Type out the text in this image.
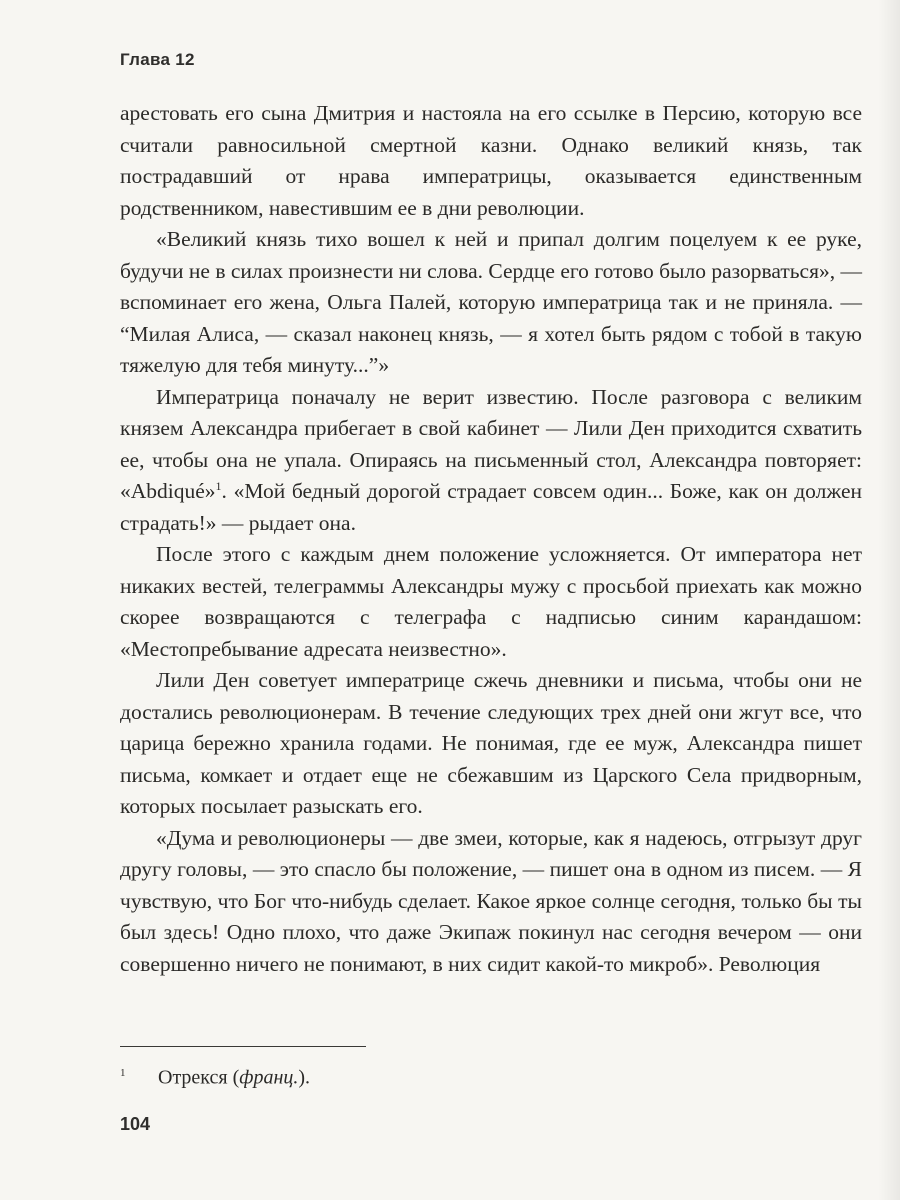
Глава 12

арестовать его сына Дмитрия и настояла на его ссылке в Персию, которую все считали равносильной смертной казни. Однако великий князь, так пострадавший от нрава императрицы, оказывается единственным родственником, навестившим ее в дни революции.

«Великий князь тихо вошел к ней и припал долгим поцелуем к ее руке, будучи не в силах произнести ни слова. Сердце его готово было разорваться», — вспоминает его жена, Ольга Палей, которую императрица так и не приняла. — “Милая Алиса, — сказал наконец князь, — я хотел быть рядом с тобой в такую тяжелую для тебя минуту...”»

Императрица поначалу не верит известию. После разговора с великим князем Александра прибегает в свой кабинет — Лили Ден приходится схватить ее, чтобы она не упала. Опираясь на письменный стол, Александра повторяет: «Abdiqué»$^1$. «Мой бедный дорогой страдает совсем один... Боже, как он должен страдать!» — рыдает она.

После этого с каждым днем положение усложняется. От императора нет никаких вестей, телеграммы Александры мужу с просьбой приехать как можно скорее возвращаются с телеграфа с надписью синим карандашом: «Местопребывание адресата неизвестно».

Лили Ден советует императрице сжечь дневники и письма, чтобы они не достались революционерам. В течение следующих трех дней они жгут все, что царица бережно хранила годами. Не понимая, где ее муж, Александра пишет письма, комкает и отдает еще не сбежавшим из Царского Села придворным, которых посылает разыскать его.

«Дума и революционеры — две змеи, которые, как я надеюсь, отгрызут друг другу головы, — это спасло бы положение, — пишет она в одном из писем. — Я чувствую, что Бог что-нибудь сделает. Какое яркое солнце сегодня, только бы ты был здесь! Одно плохо, что даже Экипаж покинул нас сегодня вечером — они совершенно ничего не понимают, в них сидит какой-то микроб». Революция

1 Отрекся (франц.).
104
